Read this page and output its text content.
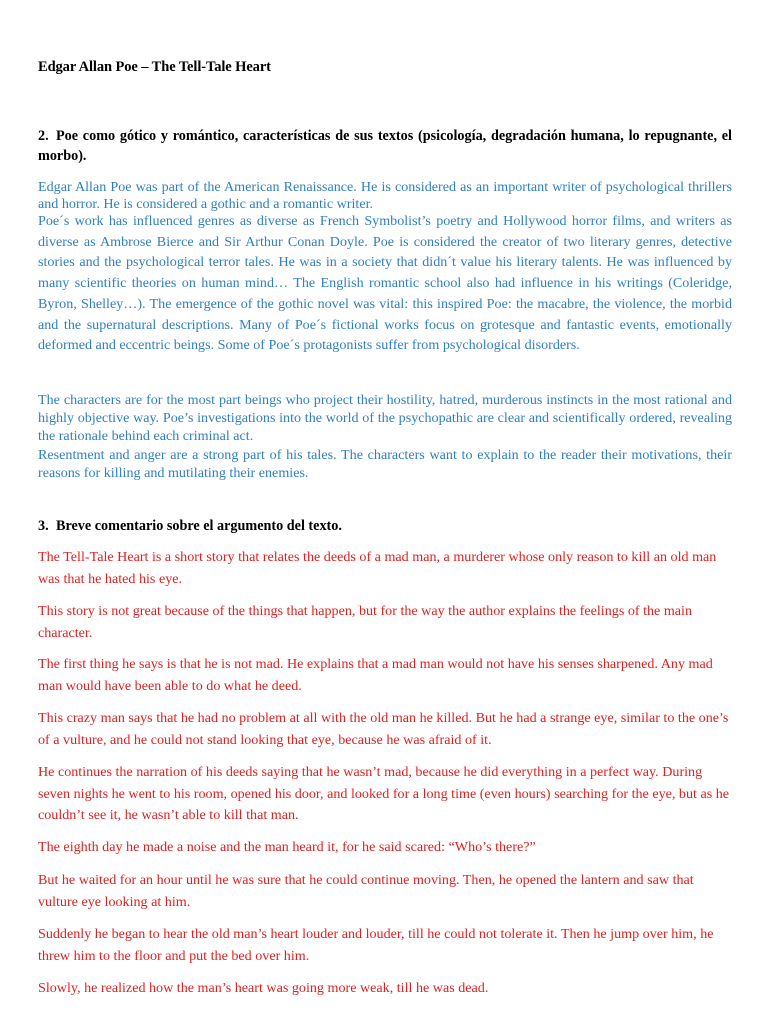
Edgar Allan Poe – The Tell-Tale Heart
2. Poe como gótico y romántico, características de sus textos (psicología, degradación humana, lo repugnante, el morbo).

Edgar Allan Poe was part of the American Renaissance. He is considered as an important writer of psychological thrillers and horror. He is considered a gothic and a romantic writer.

Poe´s work has influenced genres as diverse as French Symbolist’s poetry and Hollywood horror films, and writers as diverse as Ambrose Bierce and Sir Arthur Conan Doyle. Poe is considered the creator of two literary genres, detective stories and the psychological terror tales. He was in a society that didn´t value his literary talents. He was influenced by many scientific theories on human mind… The English romantic school also had influence in his writings (Coleridge, Byron, Shelley…). The emergence of the gothic novel was vital: this inspired Poe: the macabre, the violence, the morbid and the supernatural descriptions. Many of Poe´s fictional works focus on grotesque and fantastic events, emotionally deformed and eccentric beings. Some of Poe´s protagonists suffer from psychological disorders.

The characters are for the most part beings who project their hostility, hatred, murderous instincts in the most rational and highly objective way. Poe’s investigations into the world of the psychopathic are clear and scientifically ordered, revealing the rationale behind each criminal act.

Resentment and anger are a strong part of his tales. The characters want to explain to the reader their motivations, their reasons for killing and mutilating their enemies.

3. Breve comentario sobre el argumento del texto.
The Tell-Tale Heart is a short story that relates the deeds of a mad man, a murderer whose only reason to kill an old man was that he hated his eye.
This story is not great because of the things that happen, but for the way the author explains the feelings of the main character.
The first thing he says is that he is not mad. He explains that a mad man would not have his senses sharpened. Any mad man would have been able to do what he deed.
This crazy man says that he had no problem at all with the old man he killed. But he had a strange eye, similar to the one’s of a vulture, and he could not stand looking that eye, because he was afraid of it.
He continues the narration of his deeds saying that he wasn’t mad, because he did everything in a perfect way. During seven nights he went to his room, opened his door, and looked for a long time (even hours) searching for the eye, but as he couldn’t see it, he wasn’t able to kill that man.
The eighth day he made a noise and the man heard it, for he said scared: “Who’s there?”
But he waited for an hour until he was sure that he could continue moving. Then, he opened the lantern and saw that vulture eye looking at him.
Suddenly he began to hear the old man’s heart louder and louder, till he could not tolerate it. Then he jump over him, he threw him to the floor and put the bed over him.
Slowly, he realized how the man’s heart was going more weak, till he was dead.
